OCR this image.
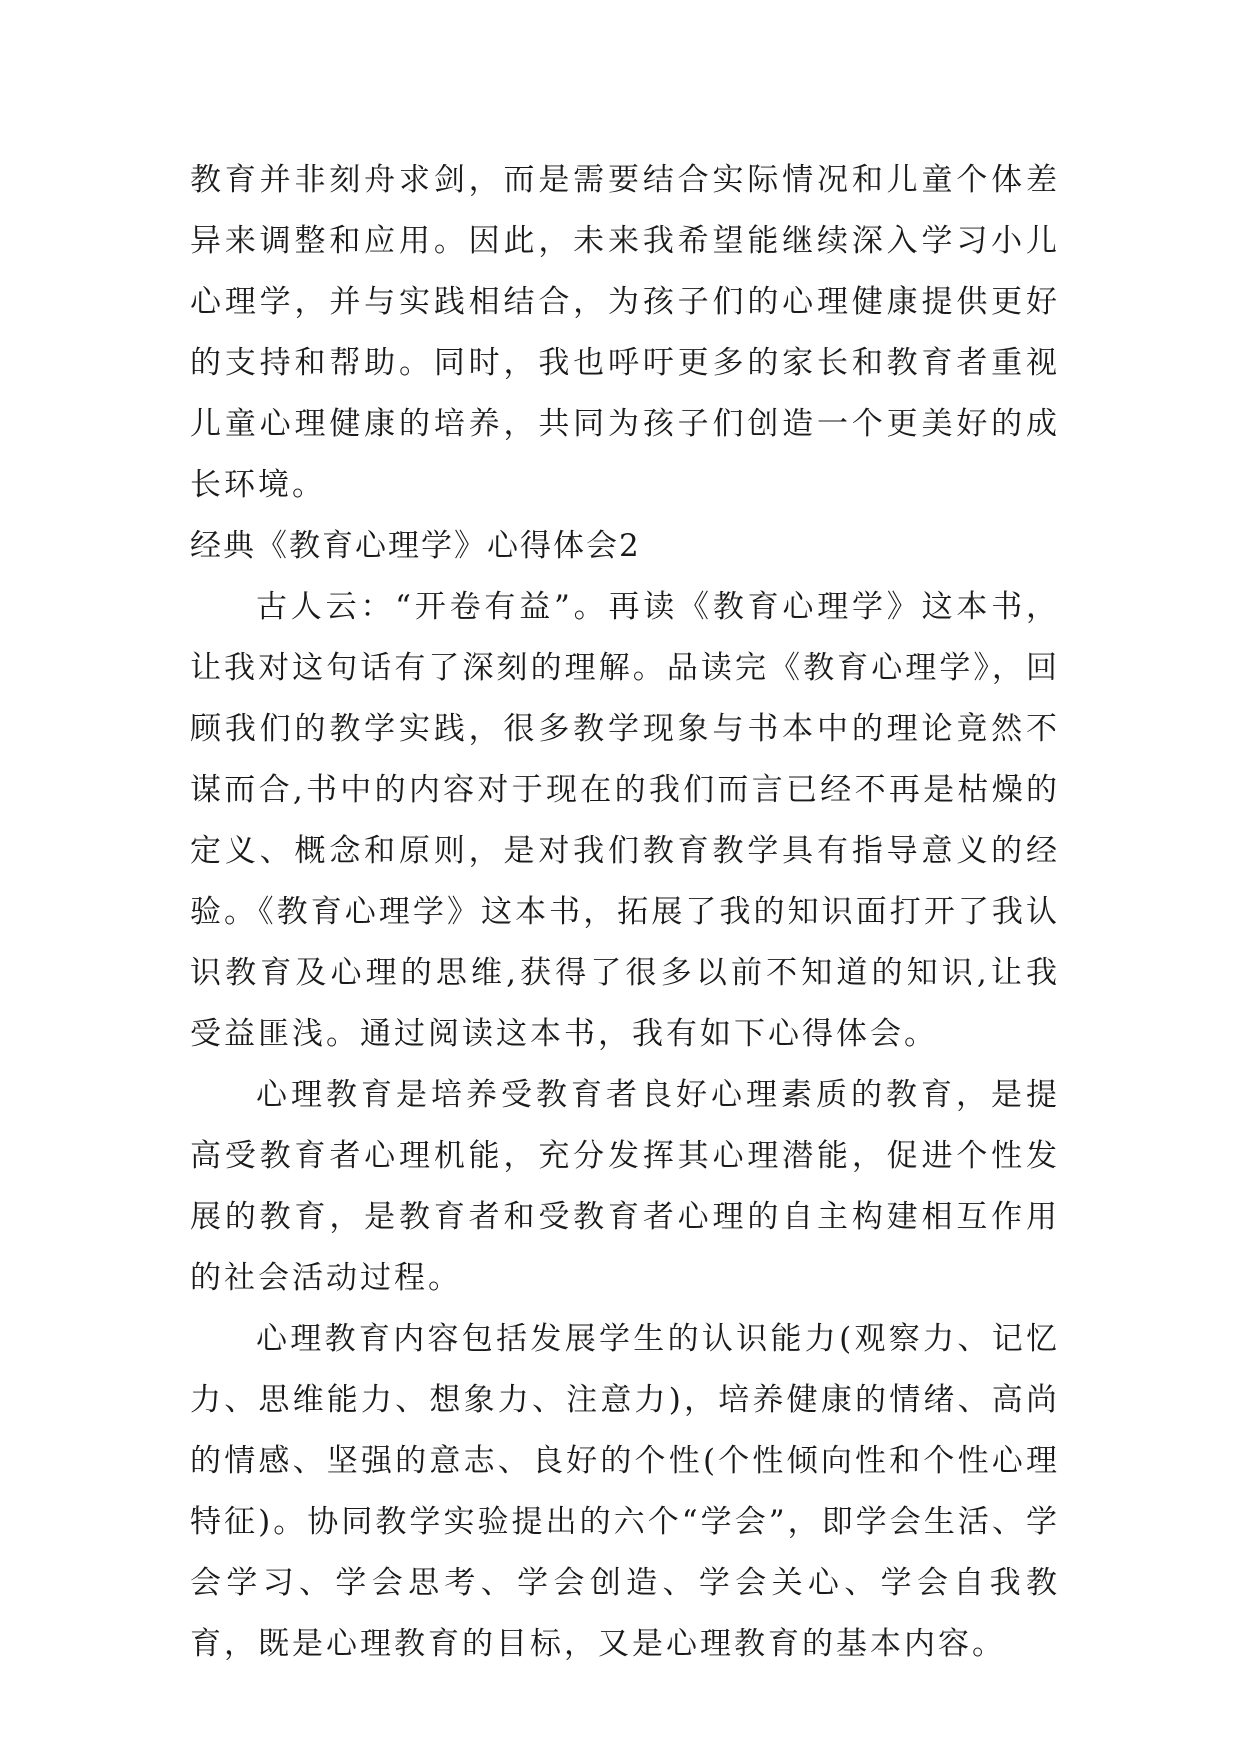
教育并非刻舟求剑，而是需要结合实际情况和儿童个体差异来调整和应用。因此，未来我希望能继续深入学习小儿心理学，并与实践相结合，为孩子们的心理健康提供更好的支持和帮助。同时，我也呼吁更多的家长和教育者重视儿童心理健康的培养，共同为孩子们创造一个更美好的成长环境。

经典《教育心理学》心得体会2

古人云：“开卷有益”。再读《教育心理学》这本书，让我对这句话有了深刻的理解。品读完《教育心理学》，回顾我们的教学实践，很多教学现象与书本中的理论竟然不谋而合,书中的内容对于现在的我们而言已经不再是枯燥的定义、概念和原则，是对我们教育教学具有指导意义的经验。《教育心理学》这本书，拓展了我的知识面打开了我认识教育及心理的思维,获得了很多以前不知道的知识,让我受益匪浅。通过阅读这本书，我有如下心得体会。

心理教育是培养受教育者良好心理素质的教育，是提高受教育者心理机能，充分发挥其心理潜能，促进个性发展的教育，是教育者和受教育者心理的自主构建相互作用的社会活动过程。

心理教育内容包括发展学生的认识能力(观察力、记忆力、思维能力、想象力、注意力)，培养健康的情绪、高尚的情感、坚强的意志、良好的个性(个性倾向性和个性心理特征)。协同教学实验提出的六个“学会”，即学会生活、学会学习、学会思考、学会创造、学会关心、学会自我教育，既是心理教育的目标，又是心理教育的基本内容。
